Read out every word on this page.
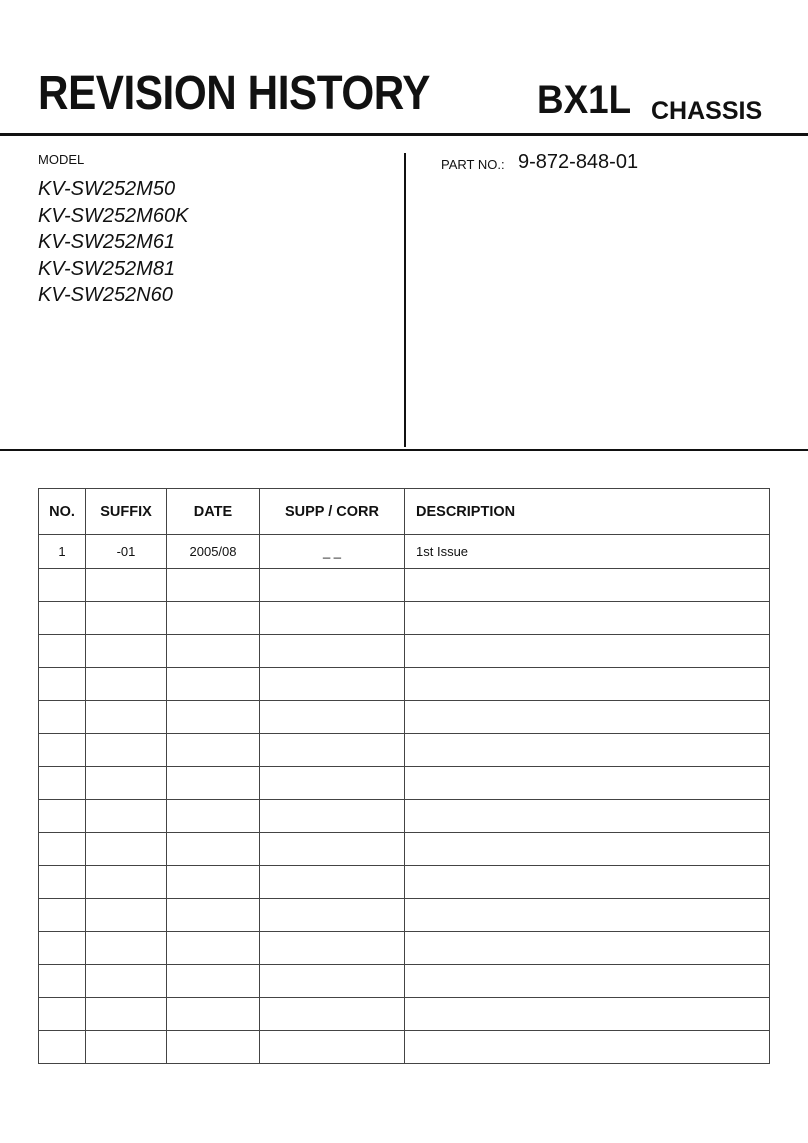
REVISION HISTORY	BX1L CHASSIS
MODEL
KV-SW252M50
KV-SW252M60K
KV-SW252M61
KV-SW252M81
KV-SW252N60
PART NO.: 9-872-848-01
NO.	SUFFIX	DATE	SUPP / CORR	DESCRIPTION
1	-01	2005/08	_ _	1st Issue
